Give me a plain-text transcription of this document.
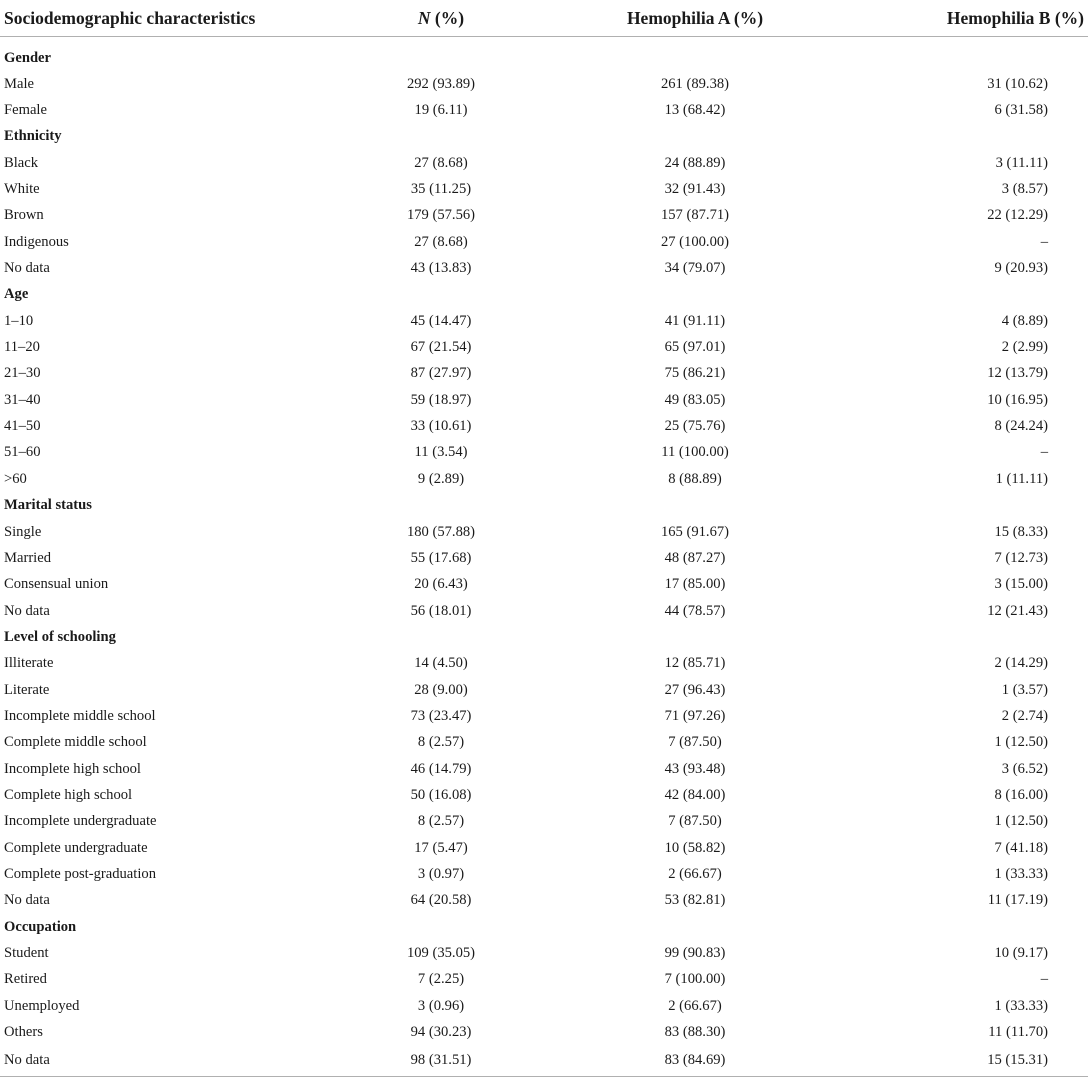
Sociodemographic characteristics	N (%)	Hemophilia A (%)	Hemophilia B (%)
Gender			
Male	292 (93.89)	261 (89.38)	31 (10.62)
Female	19 (6.11)	13 (68.42)	6 (31.58)
Ethnicity			
Black	27 (8.68)	24 (88.89)	3 (11.11)
White	35 (11.25)	32 (91.43)	3 (8.57)
Brown	179 (57.56)	157 (87.71)	22 (12.29)
Indigenous	27 (8.68)	27 (100.00)	–
No data	43 (13.83)	34 (79.07)	9 (20.93)
Age			
1–10	45 (14.47)	41 (91.11)	4 (8.89)
11–20	67 (21.54)	65 (97.01)	2 (2.99)
21–30	87 (27.97)	75 (86.21)	12 (13.79)
31–40	59 (18.97)	49 (83.05)	10 (16.95)
41–50	33 (10.61)	25 (75.76)	8 (24.24)
51–60	11 (3.54)	11 (100.00)	–
>60	9 (2.89)	8 (88.89)	1 (11.11)
Marital status			
Single	180 (57.88)	165 (91.67)	15 (8.33)
Married	55 (17.68)	48 (87.27)	7 (12.73)
Consensual union	20 (6.43)	17 (85.00)	3 (15.00)
No data	56 (18.01)	44 (78.57)	12 (21.43)
Level of schooling			
Illiterate	14 (4.50)	12 (85.71)	2 (14.29)
Literate	28 (9.00)	27 (96.43)	1 (3.57)
Incomplete middle school	73 (23.47)	71 (97.26)	2 (2.74)
Complete middle school	8 (2.57)	7 (87.50)	1 (12.50)
Incomplete high school	46 (14.79)	43 (93.48)	3 (6.52)
Complete high school	50 (16.08)	42 (84.00)	8 (16.00)
Incomplete undergraduate	8 (2.57)	7 (87.50)	1 (12.50)
Complete undergraduate	17 (5.47)	10 (58.82)	7 (41.18)
Complete post-graduation	3 (0.97)	2 (66.67)	1 (33.33)
No data	64 (20.58)	53 (82.81)	11 (17.19)
Occupation			
Student	109 (35.05)	99 (90.83)	10 (9.17)
Retired	7 (2.25)	7 (100.00)	–
Unemployed	3 (0.96)	2 (66.67)	1 (33.33)
Others	94 (30.23)	83 (88.30)	11 (11.70)
No data	98 (31.51)	83 (84.69)	15 (15.31)
